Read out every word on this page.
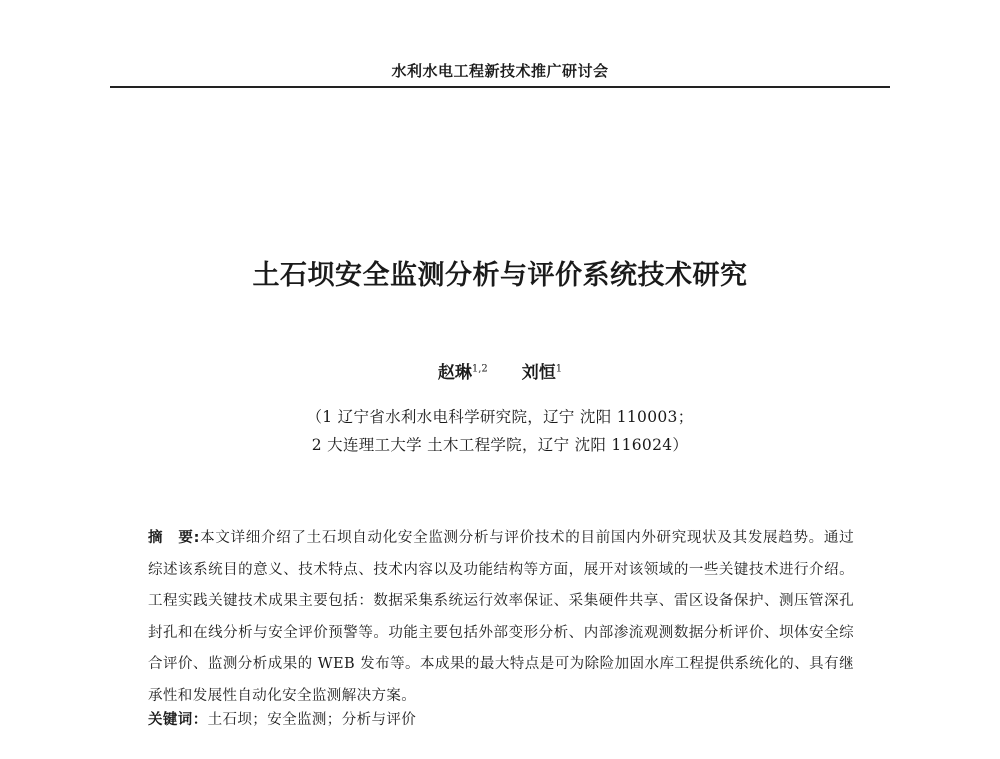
水利水电工程新技术推广研讨会
土石坝安全监测分析与评价系统技术研究
赵琳$^{1,2}$ 刘恒$^1$
（1 辽宁省水利水电科学研究院，辽宁 沈阳 110003；
2 大连理工大学 土木工程学院，辽宁 沈阳 116024）

摘　要:本文详细介绍了土石坝自动化安全监测分析与评价技术的目前国内外研究现状及其发展趋势。通过综述该系统目的意义、技术特点、技术内容以及功能结构等方面，展开对该领域的一些关键技术进行介绍。工程实践关键技术成果主要包括：数据采集系统运行效率保证、采集硬件共享、雷区设备保护、测压管深孔封孔和在线分析与安全评价预警等。功能主要包括外部变形分析、内部渗流观测数据分析评价、坝体安全综合评价、监测分析成果的 WEB 发布等。本成果的最大特点是可为除险加固水库工程提供系统化的、具有继承性和发展性自动化安全监测解决方案。

关键词：土石坝；安全监测；分析与评价
